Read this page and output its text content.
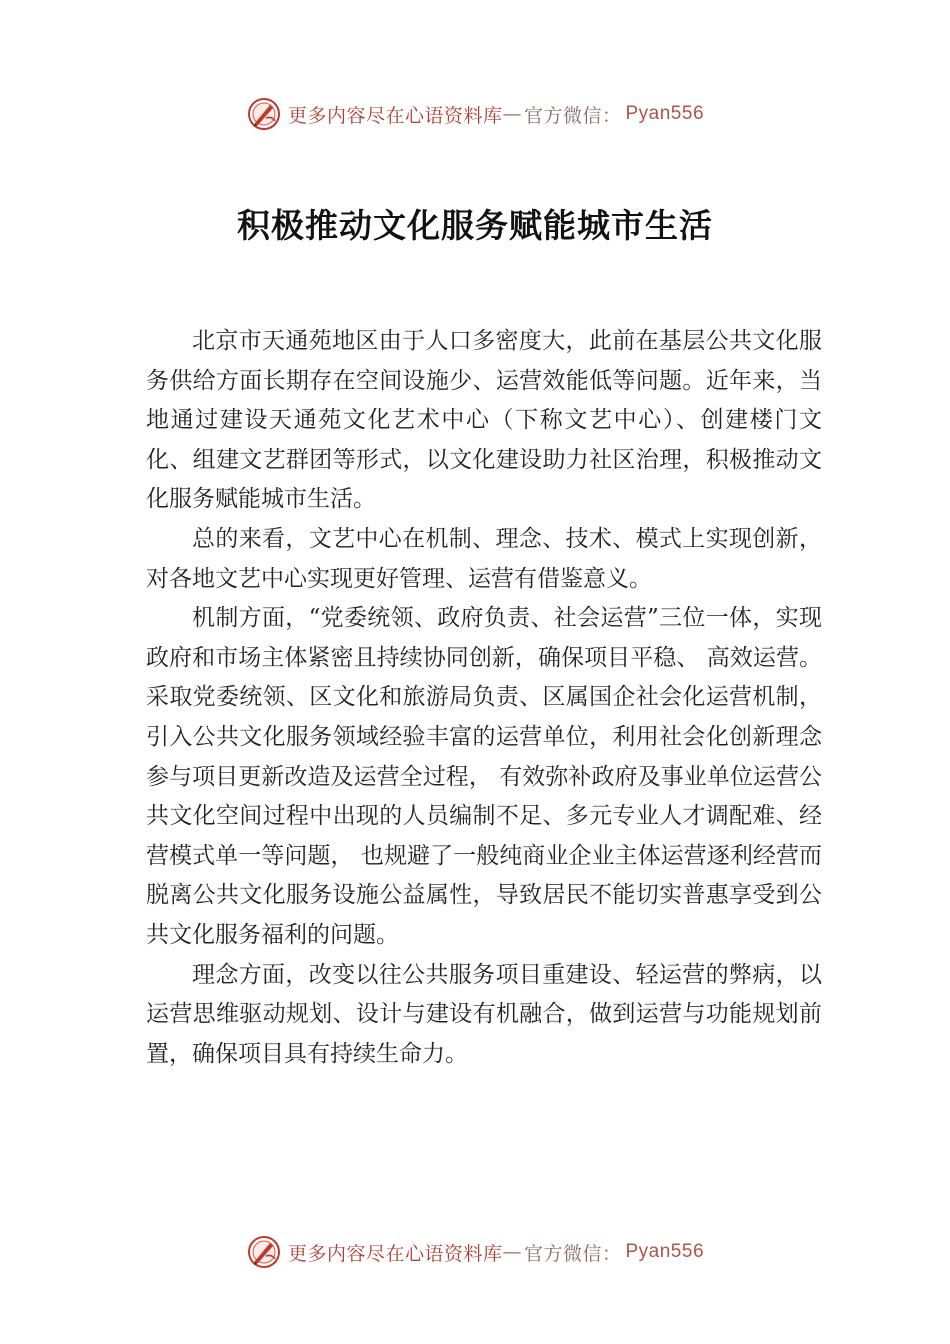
更多内容尽在心语资料库 — 官方微信： Pyan556
积极推动文化服务赋能城市生活

北京市天通苑地区由于人口多密度大，此前在基层公共文化服务供给方面长期存在空间设施少、运营效能低等问题。近年来，当地通过建设天通苑文化艺术中心（下称文艺中心）、创建楼门文化、组建文艺群团等形式，以文化建设助力社区治理，积极推动文化服务赋能城市生活。

总的来看，文艺中心在机制、理念、技术、模式上实现创新，对各地文艺中心实现更好管理、运营有借鉴意义。

机制方面，“党委统领、政府负责、社会运营”三位一体，实现政府和市场主体紧密且持续协同创新，确保项目平稳、 高效运营。采取党委统领、区文化和旅游局负责、区属国企社会化运营机制，引入公共文化服务领域经验丰富的运营单位，利用社会化创新理念参与项目更新改造及运营全过程， 有效弥补政府及事业单位运营公共文化空间过程中出现的人员编制不足、多元专业人才调配难、经营模式单一等问题， 也规避了一般纯商业企业主体运营逐利经营而脱离公共文化服务设施公益属性，导致居民不能切实普惠享受到公共文化服务福利的问题。

理念方面，改变以往公共服务项目重建设、轻运营的弊病，以运营思维驱动规划、设计与建设有机融合，做到运营与功能规划前置，确保项目具有持续生命力。

更多内容尽在心语资料库 — 官方微信： Pyan556
